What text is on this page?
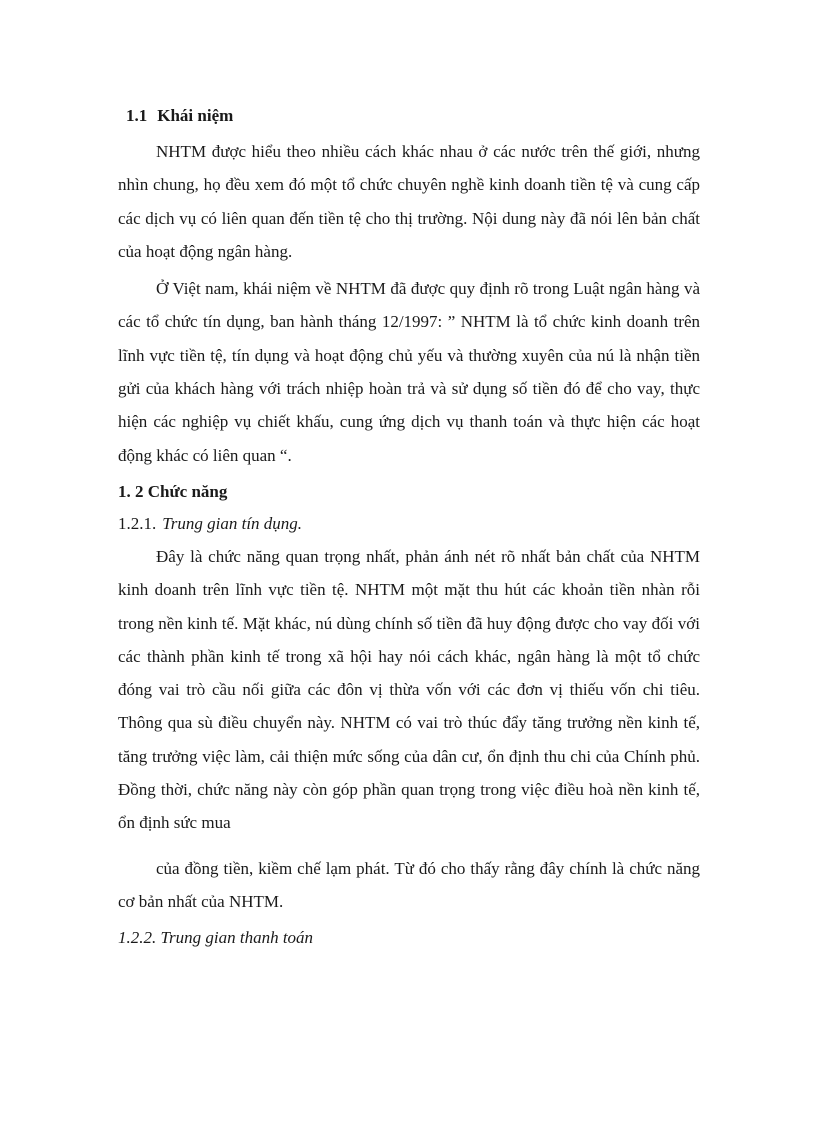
1.1 Khái niệm

NHTM được hiểu theo nhiều cách khác nhau ở các nước trên thế giới, nhưng nhìn chung, họ đều xem đó một tổ chức chuyên nghề kinh doanh tiền tệ và cung cấp các dịch vụ có liên quan đến tiền tệ cho thị trường. Nội dung này đã nói lên bản chất của hoạt động ngân hàng.

Ở Việt nam, khái niệm về NHTM đã được quy định rõ trong Luật ngân hàng và các tổ chức tín dụng, ban hành tháng 12/1997: ” NHTM là tổ chức kinh doanh trên lĩnh vực tiền tệ, tín dụng và hoạt động chủ yếu và thường xuyên của nú là nhận tiền gửi của khách hàng với trách nhiệp hoàn trả và sử dụng số tiền đó để cho vay, thực hiện các nghiệp vụ chiết khấu, cung ứng dịch vụ thanh toán và thực hiện các hoạt động khác có liên quan “.

1. 2 Chức năng
1.2.1. Trung gian tín dụng.

Đây là chức năng quan trọng nhất, phản ánh nét rõ nhất bản chất của NHTM kinh doanh trên lĩnh vực tiền tệ. NHTM một mặt thu hút các khoản tiền nhàn rỗi trong nền kinh tế. Mặt khác, nú dùng chính số tiền đã huy động được cho vay đối với các thành phần kinh tế trong xã hội hay nói cách khác, ngân hàng là một tổ chức đóng vai trò cầu nối giữa các đôn vị thừa vốn với các đơn vị thiếu vốn chi tiêu. Thông qua sù điều chuyển này. NHTM có vai trò thúc đẩy tăng trưởng nền kinh tế, tăng trưởng việc làm, cải thiện mức sống của dân cư, ổn định thu chi của Chính phủ. Đồng thời, chức năng này còn góp phần quan trọng trong việc điều hoà nền kinh tế, ổn định sức mua

của đồng tiền, kiềm chế lạm phát. Từ đó cho thấy rằng đây chính là chức năng cơ bản nhất của NHTM.

1.2.2. Trung gian thanh toán
